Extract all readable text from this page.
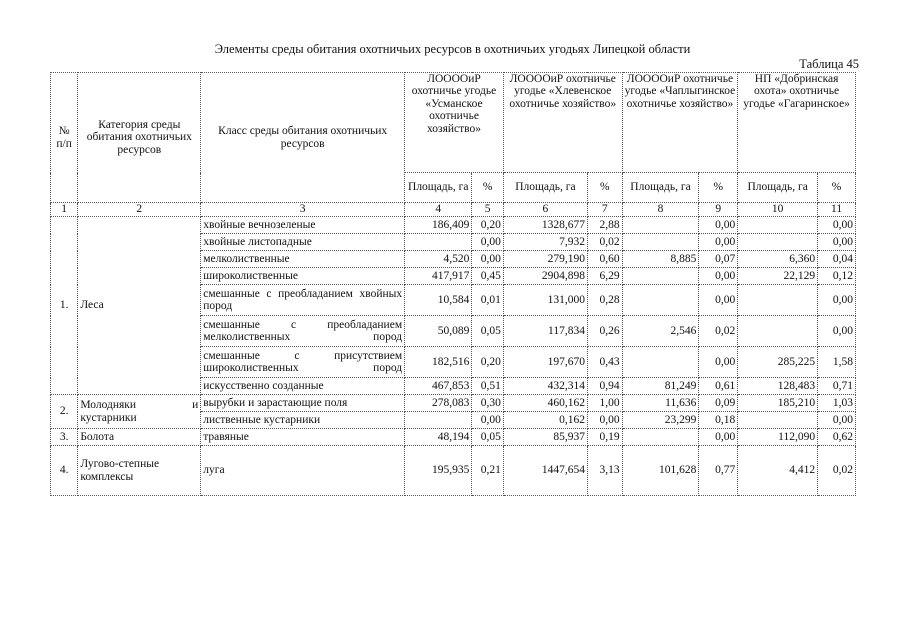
Элементы среды обитания охотничьих ресурсов в охотничьих угодьях Липецкой области
Таблица 45
№ п/п	Категория среды обитания охотничьих ресурсов	Класс среды обитания охотничьих ресурсов	ЛООООиР охотничье угодье «Усманское охотничье хозяйство»		ЛООООиР охотничье угодье «Хлевенское охотничье хозяйство»		ЛООООиР охотничье угодье «Чаплыгинское охотничье хозяйство»		НП «Добринская охота» охотничье угодье «Гагаринское»	
			Площадь, га	%	Площадь, га	%	Площадь, га	%	Площадь, га	%
1	2	3	4	5	6	7	8	9	10	11
1.	Леса	хвойные вечнозеленые	186,409	0,20	1328,677	2,88		0,00		0,00
		хвойные листопадные		0,00	7,932	0,02		0,00		0,00
		мелколиственные	4,520	0,00	279,190	0,60	8,885	0,07	6,360	0,04
		широколиственные	417,917	0,45	2904,898	6,29		0,00	22,129	0,12
		смешанные с преобладанием хвойных пород	10,584	0,01	131,000	0,28		0,00		0,00
		смешанные с преобладанием мелколиственных пород	50,089	0,05	117,834	0,26	2,546	0,02		0,00
		смешанные с присутствием широколиственных пород	182,516	0,20	197,670	0,43		0,00	285,225	1,58
		искусственно созданные	467,853	0,51	432,314	0,94	81,249	0,61	128,483	0,71
2.	Молодняки и кустарники	вырубки и зарастающие поля	278,083	0,30	460,162	1,00	11,636	0,09	185,210	1,03
		лиственные кустарники		0,00	0,162	0,00	23,299	0,18		0,00
3.	Болота	травяные	48,194	0,05	85,937	0,19		0,00	112,090	0,62
4.	Лугово-степные комплексы	луга	195,935	0,21	1447,654	3,13	101,628	0,77	4,412	0,02
